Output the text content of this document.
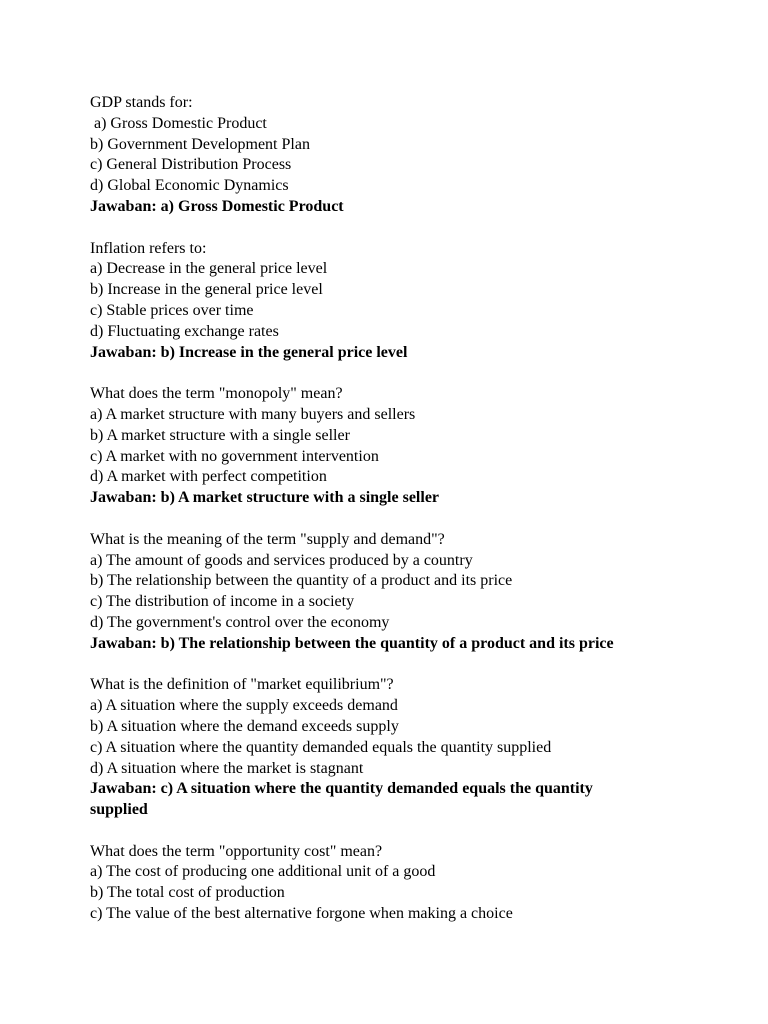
GDP stands for:
a) Gross Domestic Product
b) Government Development Plan
c) General Distribution Process
d) Global Economic Dynamics
Jawaban: a) Gross Domestic Product
Inflation refers to:
a) Decrease in the general price level
b) Increase in the general price level
c) Stable prices over time
d) Fluctuating exchange rates
Jawaban: b) Increase in the general price level
What does the term "monopoly" mean?
a) A market structure with many buyers and sellers
b) A market structure with a single seller
c) A market with no government intervention
d) A market with perfect competition
Jawaban: b) A market structure with a single seller
What is the meaning of the term "supply and demand"?
a) The amount of goods and services produced by a country
b) The relationship between the quantity of a product and its price
c) The distribution of income in a society
d) The government's control over the economy
Jawaban: b) The relationship between the quantity of a product and its price
What is the definition of "market equilibrium"?
a) A situation where the supply exceeds demand
b) A situation where the demand exceeds supply
c) A situation where the quantity demanded equals the quantity supplied
d) A situation where the market is stagnant
Jawaban: c) A situation where the quantity demanded equals the quantity supplied
What does the term "opportunity cost" mean?
a) The cost of producing one additional unit of a good
b) The total cost of production
c) The value of the best alternative forgone when making a choice
